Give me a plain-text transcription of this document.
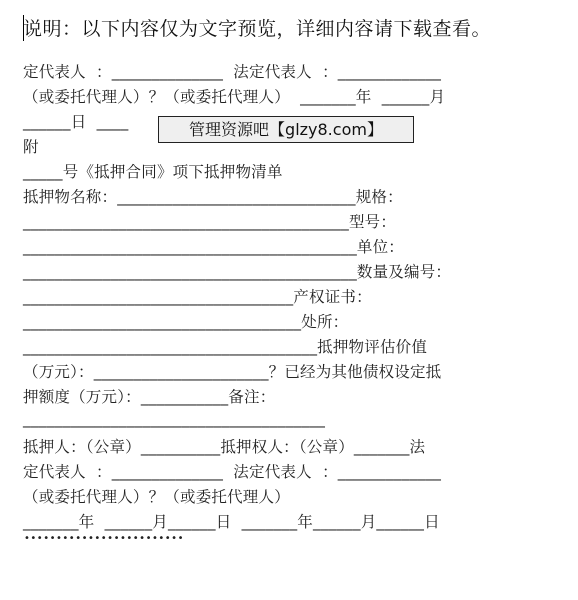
说明：以下内容仅为文字预览，详细内容请下载查看。
定代表人  ：______________  法定代表人  ：_____________
（或委托代理人）？（或委托代理人）  _______年  ______月
______日  ____
附
_____号《抵押合同》项下抵押物清单
抵押物名称：______________________________规格：
_________________________________________型号：
__________________________________________单位：
__________________________________________数量及编号：
__________________________________产权证书：
___________________________________处所：
_____________________________________抵押物评估价值
（万元）：______________________？已经为其他债权设定抵
押额度（万元）：___________备注：
______________________________________
抵押人：（公章）__________抵押权人：（公章）_______法
定代表人  ：______________  法定代表人  ：_____________
（或委托代理人）？（或委托代理人）
_______年  ______月______日  _______年______月______日
管理资源吧【glzy8.com】
•••••••••••••••••••••••••
